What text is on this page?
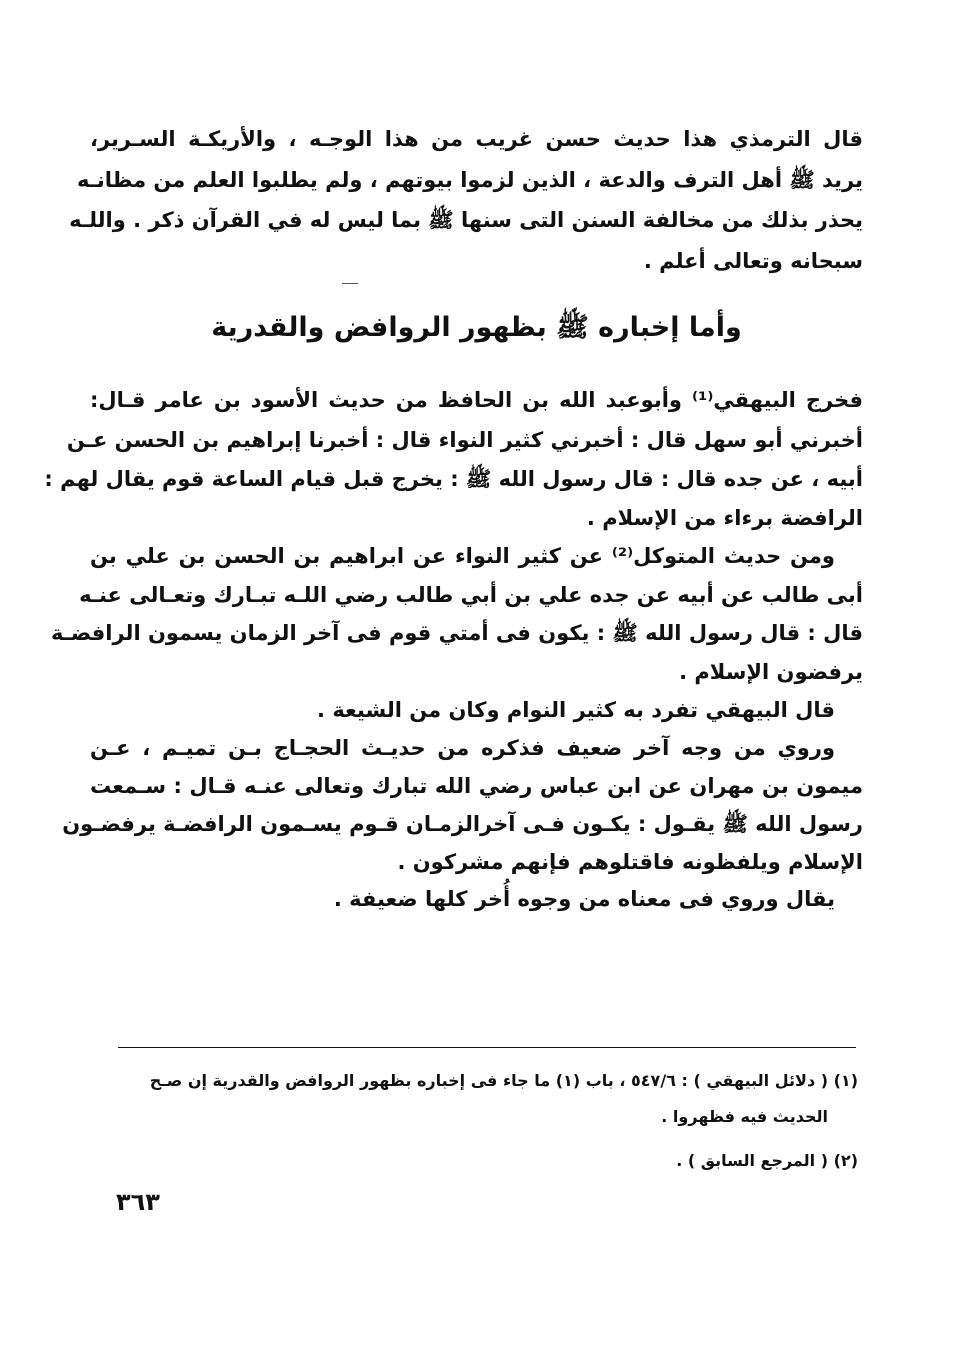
قال الترمذي هذا حديث حسن غريب من هذا الوجـه ، والأريكـة السـرير،
يريد ﷺ أهل الترف والدعة ، الذين لزموا بيوتهم ، ولم يطلبوا العلم من مظانـه
يحذر بذلك من مخالفة السنن التى سنها ﷺ بما ليس له في القرآن ذكر . واللـه
سبحانه وتعالى أعلم .
وأما إخباره ﷺ بظهور الروافض والقدرية
فخرج البيهقي⁽¹⁾ وأبوعبد الله بن الحافظ من حديث الأسود بن عامر قـال:
أخبرني أبو سهل قال : أخبرني كثير النواء قال : أخبرنا إبراهيم بن الحسن عـن
أبيه ، عن جده قال : قال رسول الله ﷺ : يخرج قبل قيام الساعة قوم يقال لهم :
الرافضة برءاء من الإسلام .
ومن حديث المتوكل⁽²⁾ عن كثير النواء عن ابراهيم بن الحسن بن علي بن
أبى طالب عن أبيه عن جده علي بن أبي طالب رضي اللـه تبـارك وتعـالى عنـه
قال : قال رسول الله ﷺ : يكون فى أمتي قوم فى آخر الزمان يسمون الرافضـة
يرفضون الإسلام .
قال البيهقي تفرد به كثير النوام وكان من الشيعة .
وروي من وجه آخر ضعيف فذكره من حديـث الحجـاج بـن تميـم ، عـن
ميمون بن مهران عن ابن عباس رضي الله تبارك وتعالى عنـه قـال : سـمعت
رسول الله ﷺ يقـول : يكـون فـى آخرالزمـان قـوم يسـمون الرافضـة يرفضـون
الإسلام ويلفظونه فاقتلوهم فإنهم مشركون .
يقال وروي فى معناه من وجوه أُخر كلها ضعيفة .
(١) ( دلائل البيهقي ) : ٥٤٧/٦ ، باب (١) ما جاء فى إخباره بظهور الروافض والقدرية إن صـح
الحديث فيه فظهروا .
(٢) ( المرجع السابق ) .
٣٦٣
